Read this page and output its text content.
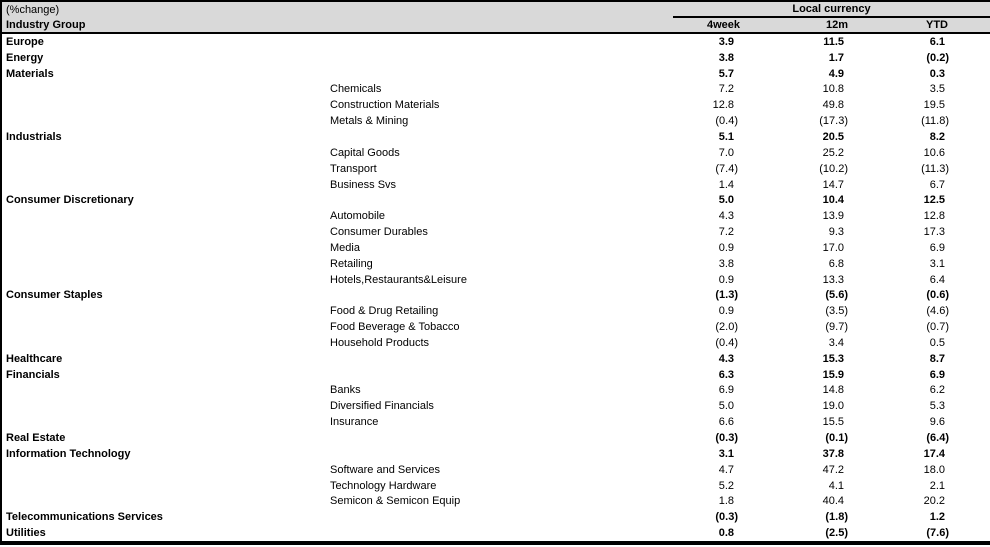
(%change)	Local currency		
Industry Group	4week	12m	YTD
Europe	3.9	11.5	6.1
Energy	3.8	1.7	(0.2)
Materials	5.7	4.9	0.3
Chemicals	7.2	10.8	3.5
Construction Materials	12.8	49.8	19.5
Metals & Mining	(0.4)	(17.3)	(11.8)
Industrials	5.1	20.5	8.2
Capital Goods	7.0	25.2	10.6
Transport	(7.4)	(10.2)	(11.3)
Business Svs	1.4	14.7	6.7
Consumer Discretionary	5.0	10.4	12.5
Automobile	4.3	13.9	12.8
Consumer Durables	7.2	9.3	17.3
Media	0.9	17.0	6.9
Retailing	3.8	6.8	3.1
Hotels,Restaurants&Leisure	0.9	13.3	6.4
Consumer Staples	(1.3)	(5.6)	(0.6)
Food & Drug Retailing	0.9	(3.5)	(4.6)
Food Beverage & Tobacco	(2.0)	(9.7)	(0.7)
Household Products	(0.4)	3.4	0.5
Healthcare	4.3	15.3	8.7
Financials	6.3	15.9	6.9
Banks	6.9	14.8	6.2
Diversified Financials	5.0	19.0	5.3
Insurance	6.6	15.5	9.6
Real Estate	(0.3)	(0.1)	(6.4)
Information Technology	3.1	37.8	17.4
Software and Services	4.7	47.2	18.0
Technology Hardware	5.2	4.1	2.1
Semicon & Semicon Equip	1.8	40.4	20.2
Telecommunications Services	(0.3)	(1.8)	1.2
Utilities	0.8	(2.5)	(7.6)
